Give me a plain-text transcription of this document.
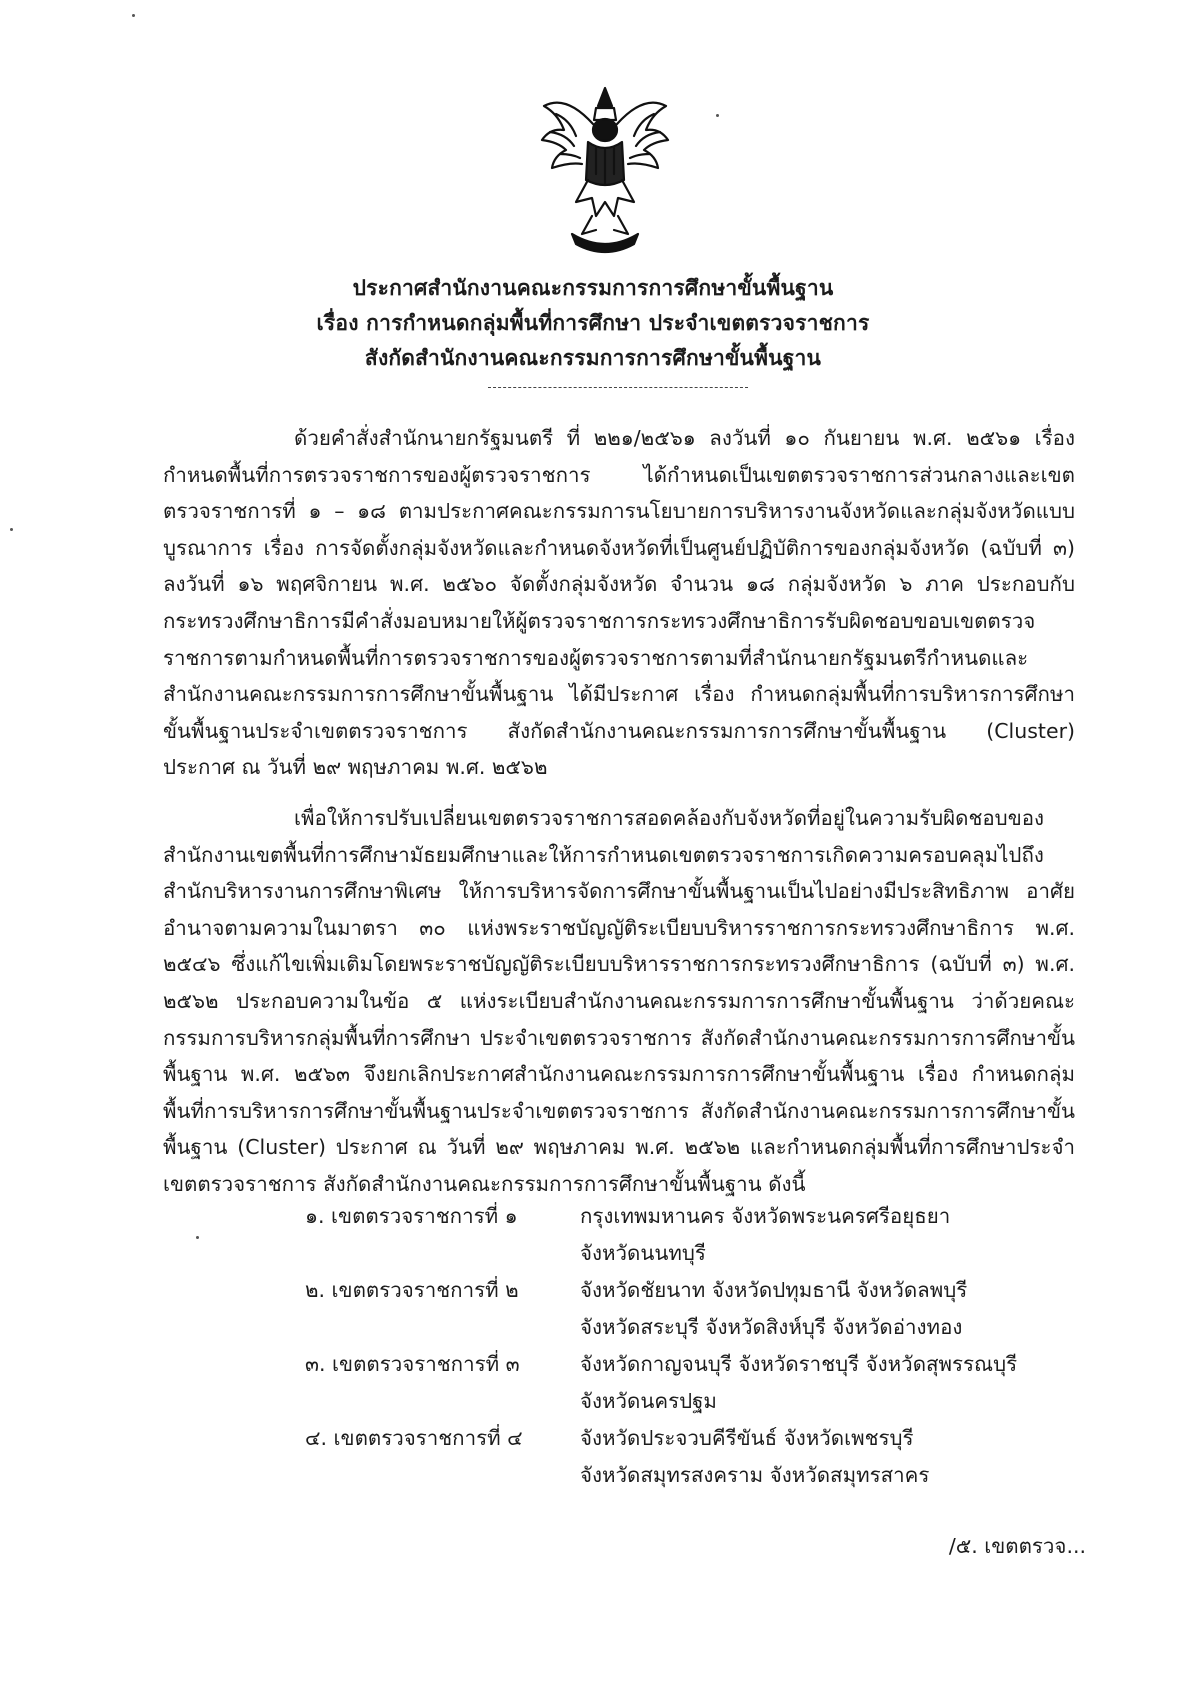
ประกาศสำนักงานคณะกรรมการการศึกษาขั้นพื้นฐาน
เรื่อง การกำหนดกลุ่มพื้นที่การศึกษา ประจำเขตตรวจราชการ
สังกัดสำนักงานคณะกรรมการการศึกษาขั้นพื้นฐาน
ด้วยคำสั่งสำนักนายกรัฐมนตรี ที่ ๒๒๑/๒๕๖๑ ลงวันที่ ๑๐ กันยายน พ.ศ. ๒๕๖๑ เรื่อง กำหนดพื้นที่การตรวจราชการของผู้ตรวจราชการ ได้กำหนดเป็นเขตตรวจราชการส่วนกลางและเขตตรวจราชการที่ ๑ – ๑๘ ตามประกาศคณะกรรมการนโยบายการบริหารงานจังหวัดและกลุ่มจังหวัดแบบบูรณาการ เรื่อง การจัดตั้งกลุ่มจังหวัดและกำหนดจังหวัดที่เป็นศูนย์ปฏิบัติการของกลุ่มจังหวัด (ฉบับที่ ๓) ลงวันที่ ๑๖ พฤศจิกายน พ.ศ. ๒๕๖๐ จัดตั้งกลุ่มจังหวัด จำนวน ๑๘ กลุ่มจังหวัด ๖ ภาค ประกอบกับกระทรวงศึกษาธิการมีคำสั่งมอบหมายให้ผู้ตรวจราชการกระทรวงศึกษาธิการรับผิดชอบขอบเขตตรวจราชการตามกำหนดพื้นที่การตรวจราชการของผู้ตรวจราชการตามที่สำนักนายกรัฐมนตรีกำหนดและสำนักงานคณะกรรมการการศึกษาขั้นพื้นฐาน ได้มีประกาศ เรื่อง กำหนดกลุ่มพื้นที่การบริหารการศึกษาขั้นพื้นฐานประจำเขตตรวจราชการ สังกัดสำนักงานคณะกรรมการการศึกษาขั้นพื้นฐาน (Cluster) ประกาศ ณ วันที่ ๒๙ พฤษภาคม พ.ศ. ๒๕๖๒
เพื่อให้การปรับเปลี่ยนเขตตรวจราชการสอดคล้องกับจังหวัดที่อยู่ในความรับผิดชอบของสำนักงานเขตพื้นที่การศึกษามัธยมศึกษาและให้การกำหนดเขตตรวจราชการเกิดความครอบคลุมไปถึงสำนักบริหารงานการศึกษาพิเศษ ให้การบริหารจัดการศึกษาขั้นพื้นฐานเป็นไปอย่างมีประสิทธิภาพ อาศัยอำนาจตามความในมาตรา ๓๐ แห่งพระราชบัญญัติระเบียบบริหารราชการกระทรวงศึกษาธิการ พ.ศ. ๒๕๔๖ ซึ่งแก้ไขเพิ่มเติมโดยพระราชบัญญัติระเบียบบริหารราชการกระทรวงศึกษาธิการ (ฉบับที่ ๓) พ.ศ. ๒๕๖๒ ประกอบความในข้อ ๕ แห่งระเบียบสำนักงานคณะกรรมการการศึกษาขั้นพื้นฐาน ว่าด้วยคณะกรรมการบริหารกลุ่มพื้นที่การศึกษา ประจำเขตตรวจราชการ สังกัดสำนักงานคณะกรรมการการศึกษาขั้นพื้นฐาน พ.ศ. ๒๕๖๓ จึงยกเลิกประกาศสำนักงานคณะกรรมการการศึกษาขั้นพื้นฐาน เรื่อง กำหนดกลุ่มพื้นที่การบริหารการศึกษาขั้นพื้นฐานประจำเขตตรวจราชการ สังกัดสำนักงานคณะกรรมการการศึกษาขั้นพื้นฐาน (Cluster) ประกาศ ณ วันที่ ๒๙ พฤษภาคม พ.ศ. ๒๕๖๒ และกำหนดกลุ่มพื้นที่การศึกษาประจำเขตตรวจราชการ สังกัดสำนักงานคณะกรรมการการศึกษาขั้นพื้นฐาน ดังนี้
๑. เขตตรวจราชการที่ ๑	กรุงเทพมหานคร จังหวัดพระนครศรีอยุธยา
จังหวัดนนทบุรี
๒. เขตตรวจราชการที่ ๒	จังหวัดชัยนาท จังหวัดปทุมธานี จังหวัดลพบุรี
จังหวัดสระบุรี จังหวัดสิงห์บุรี จังหวัดอ่างทอง
๓. เขตตรวจราชการที่ ๓	จังหวัดกาญจนบุรี จังหวัดราชบุรี จังหวัดสุพรรณบุรี
จังหวัดนครปฐม
๔. เขตตรวจราชการที่ ๔	จังหวัดประจวบคีรีขันธ์ จังหวัดเพชรบุรี
จังหวัดสมุทรสงคราม จังหวัดสมุทรสาคร
/๕. เขตตรวจ...
